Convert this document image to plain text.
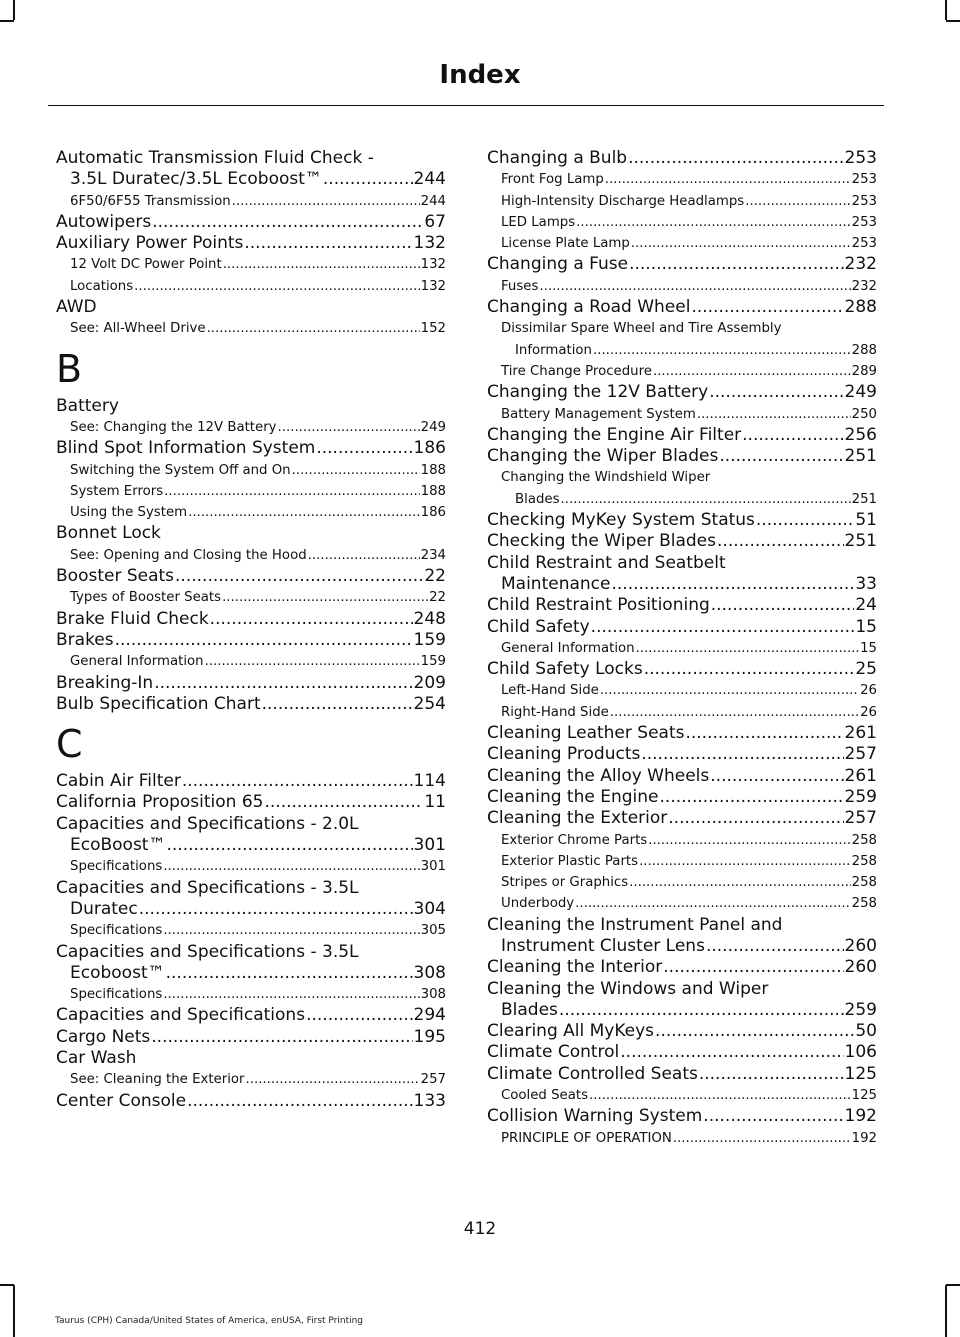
Index
Automatic Transmission Fluid Check -
3.5L Duratec/3.5L Ecoboost™ .....	244
6F50/6F55 Transmission .....	244
Autowipers .....	67
Auxiliary Power Points .....	132
12 Volt DC Power Point .....	132
Locations .....	132
AWD
See: All-Wheel Drive .....	152
B
Battery
See: Changing the 12V Battery .....	249
Blind Spot Information System .....	186
Switching the System Off and On .....	188
System Errors .....	188
Using the System .....	186
Bonnet Lock
See: Opening and Closing the Hood .....	234
Booster Seats .....	22
Types of Booster Seats .....	22
Brake Fluid Check .....	248
Brakes .....	159
General Information .....	159
Breaking-In .....	209
Bulb Specification Chart .....	254
C
Cabin Air Filter .....	114
California Proposition 65 .....	11
Capacities and Specifications - 2.0L
EcoBoost™ .....	301
Specifications .....	301
Capacities and Specifications - 3.5L
Duratec .....	304
Specifications .....	305
Capacities and Specifications - 3.5L
Ecoboost™ .....	308
Specifications .....	308
Capacities and Specifications .....	294
Cargo Nets .....	195
Car Wash
See: Cleaning the Exterior .....	257
Center Console .....	133
Changing a Bulb .....	253
Front Fog Lamp .....	253
High-Intensity Discharge Headlamps .....	253
LED Lamps .....	253
License Plate Lamp .....	253
Changing a Fuse .....	232
Fuses .....	232
Changing a Road Wheel .....	288
Dissimilar Spare Wheel and Tire Assembly
Information .....	288
Tire Change Procedure .....	289
Changing the 12V Battery .....	249
Battery Management System .....	250
Changing the Engine Air Filter .....	256
Changing the Wiper Blades .....	251
Changing the Windshield Wiper
Blades .....	251
Checking MyKey System Status .....	51
Checking the Wiper Blades .....	251
Child Restraint and Seatbelt
Maintenance .....	33
Child Restraint Positioning .....	24
Child Safety .....	15
General Information .....	15
Child Safety Locks .....	25
Left-Hand Side .....	26
Right-Hand Side .....	26
Cleaning Leather Seats .....	261
Cleaning Products .....	257
Cleaning the Alloy Wheels .....	261
Cleaning the Engine .....	259
Cleaning the Exterior .....	257
Exterior Chrome Parts .....	258
Exterior Plastic Parts .....	258
Stripes or Graphics .....	258
Underbody .....	258
Cleaning the Instrument Panel and
Instrument Cluster Lens .....	260
Cleaning the Interior .....	260
Cleaning the Windows and Wiper
Blades .....	259
Clearing All MyKeys .....	50
Climate Control .....	106
Climate Controlled Seats .....	125
Cooled Seats .....	125
Collision Warning System .....	192
PRINCIPLE OF OPERATION .....	192
412
Taurus (CPH) Canada/United States of America, enUSA, First Printing
